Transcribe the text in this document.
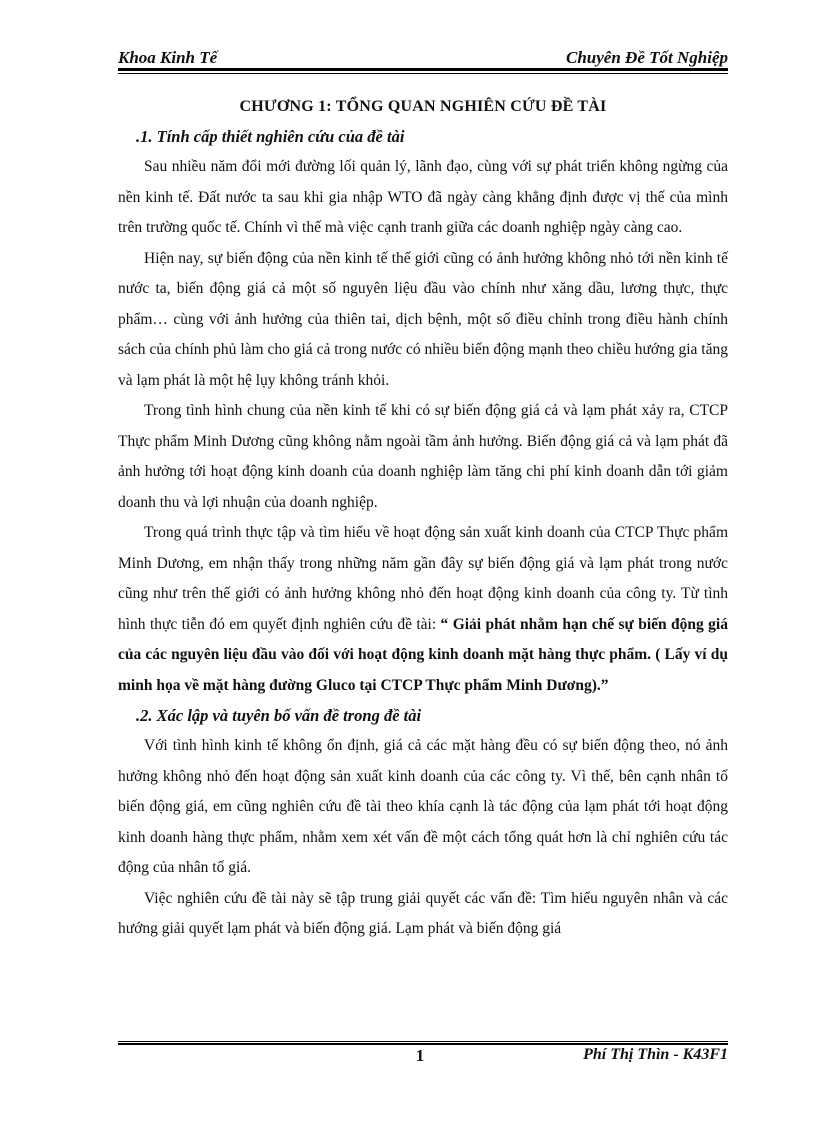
Khoa Kinh Tế	Chuyên Đề Tốt Nghiệp
CHƯƠNG 1: TỔNG QUAN NGHIÊN CỨU ĐỀ TÀI
.1. Tính cấp thiết nghiên cứu của đề tài

Sau nhiều năm đổi mới đường lối quản lý, lãnh đạo, cùng với sự phát triển không ngừng của nền kinh tế. Đất nước ta sau khi gia nhập WTO đã ngày càng khẳng định được vị thế của mình trên trường quốc tế. Chính vì thế mà việc cạnh tranh giữa các doanh nghiệp ngày càng cao.

Hiện nay, sự biến động của nền kinh tế thế giới cũng có ảnh hưởng không nhỏ tới nền kinh tế nước ta, biến động giá cả một số nguyên liệu đầu vào chính như xăng dầu, lương thực, thực phẩm… cùng với ảnh hưởng của thiên tai, dịch bệnh, một số điều chỉnh trong điều hành chính sách của chính phủ làm cho giá cả trong nước có nhiều biến động mạnh theo chiều hướng gia tăng và lạm phát là một hệ lụy không tránh khỏi.

Trong tình hình chung của nền kinh tế khi có sự biến động giá cả và lạm phát xảy ra, CTCP Thực phẩm Minh Dương cũng không nằm ngoài tầm ảnh hưởng. Biến động giá cả và lạm phát đã ảnh hưởng tới hoạt động kinh doanh của doanh nghiệp làm tăng chi phí kinh doanh dẫn tới giảm doanh thu và lợi nhuận của doanh nghiệp.

Trong quá trình thực tập và tìm hiểu về hoạt động sản xuất kinh doanh của CTCP Thực phẩm Minh Dương, em nhận thấy trong những năm gần đây sự biến động giá và lạm phát trong nước cũng như trên thế giới có ảnh hưởng không nhỏ đến hoạt động kinh doanh của công ty. Từ tình hình thực tiễn đó em quyết định nghiên cứu đề tài: “ Giải phát nhằm hạn chế sự biến động giá của các nguyên liệu đầu vào đối với hoạt động kinh doanh mặt hàng thực phẩm. ( Lấy ví dụ minh họa về mặt hàng đường Gluco tại CTCP Thực phẩm Minh Dương).”

.2. Xác lập và tuyên bố vấn đề trong đề tài

Với tình hình kinh tế không ổn định, giá cả các mặt hàng đều có sự biến động theo, nó ảnh hưởng không nhỏ đến hoạt động sản xuất kinh doanh của các công ty. Vì thế, bên cạnh nhân tố biến động giá, em cũng nghiên cứu đề tài theo khía cạnh là tác động của lạm phát tới hoạt động kinh doanh hàng thực phẩm, nhằm xem xét vấn đề một cách tổng quát hơn là chỉ nghiên cứu tác động của nhân tố giá.

Việc nghiên cứu đề tài này sẽ tập trung giải quyết các vấn đề: Tìm hiểu nguyên nhân và các hướng giải quyết lạm phát và biến động giá. Lạm phát và biến động giá

1	Phí Thị Thìn - K43F1
